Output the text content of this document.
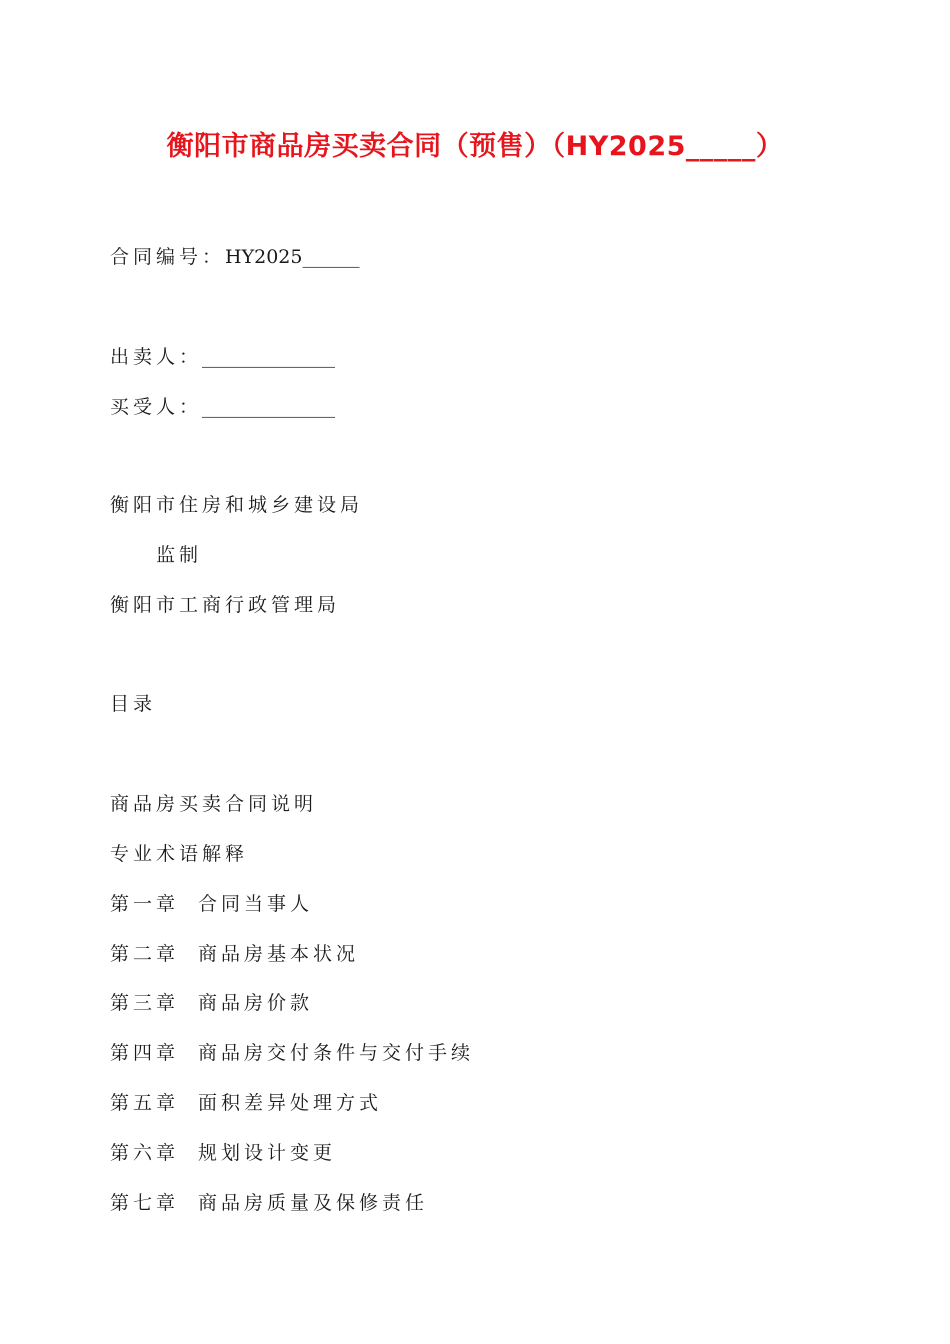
衡阳市商品房买卖合同（预售）（HY2025_____）
合同编号：HY2025______
出卖人：______________
买受人：______________
衡阳市住房和城乡建设局
监制
衡阳市工商行政管理局
目录
商品房买卖合同说明
专业术语解释
第一章 合同当事人
第二章 商品房基本状况
第三章 商品房价款
第四章 商品房交付条件与交付手续
第五章 面积差异处理方式
第六章 规划设计变更
第七章 商品房质量及保修责任
